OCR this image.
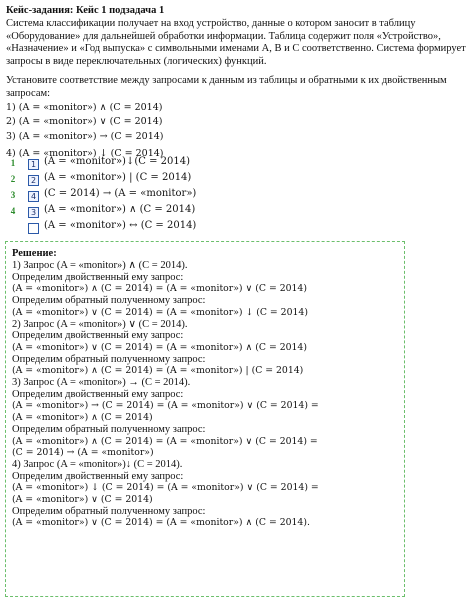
Кейс-задания: Кейс 1 подзадача 1
Система классификации получает на вход устройство, данные о котором заносит в таблицу «Оборудование» для дальнейшей обработки информации. Таблица содержит поля «Устройство», «Назначение» и «Год выпуска» с символьными именами A, B и C соответственно. Система формирует запросы в виде переключательных (логических) функций.
Установите соответствие между запросами к данным из таблицы и обратными к их двойственным запросам:
1) (A = «monitor») ∧ (C = 2014)
2) (A = «monitor») ∨ (C = 2014)
3) (A = «monitor») → (C = 2014)
4) (A = «monitor») ↓ (C = 2014)
1	1 (A = «monitor»)↓(C = 2014)
2	2 (A = «monitor») | (C = 2014)
3	4 (C = 2014) → (A = «monitor»)
4	3 (A = «monitor») ∧ (C = 2014)
(A = «monitor») ↔ (C = 2014)
Решение:
1) Запрос (A = «monitor») ∧ (C = 2014).
Определим двойственный ему запрос:
(A = «monitor») ∧ (C = 2014) = (A = «monitor») ∨ (C = 2014)
Определим обратный полученному запрос:
(A = «monitor») ∨ (C = 2014) = (A = «monitor») ↓ (C = 2014)
2) Запрос (A = «monitor») ∨ (C = 2014).
Определим двойственный ему запрос:
(A = «monitor») ∨ (C = 2014) = (A = «monitor») ∧ (C = 2014)
Определим обратный полученному запрос:
(A = «monitor») ∧ (C = 2014) = (A = «monitor») | (C = 2014)
3) Запрос (A = «monitor») → (C = 2014).
Определим двойственный ему запрос:
(A = «monitor») → (C = 2014) = (A = «monitor») ∨ (C = 2014) =
(A = «monitor») ∧ (C = 2014)
Определим обратный полученному запрос:
(A = «monitor») ∧ (C = 2014) = (A = «monitor») ∨ (C = 2014) =
(C = 2014) → (A = «monitor»)
4) Запрос (A = «monitor»)↓ (C = 2014).
Определим двойственный ему запрос:
(A = «monitor») ↓ (C = 2014) = (A = «monitor») ∨ (C = 2014) =
(A = «monitor») ∨ (C = 2014)
Определим обратный полученному запрос:
(A = «monitor») ∨ (C = 2014) = (A = «monitor») ∧ (C = 2014).
